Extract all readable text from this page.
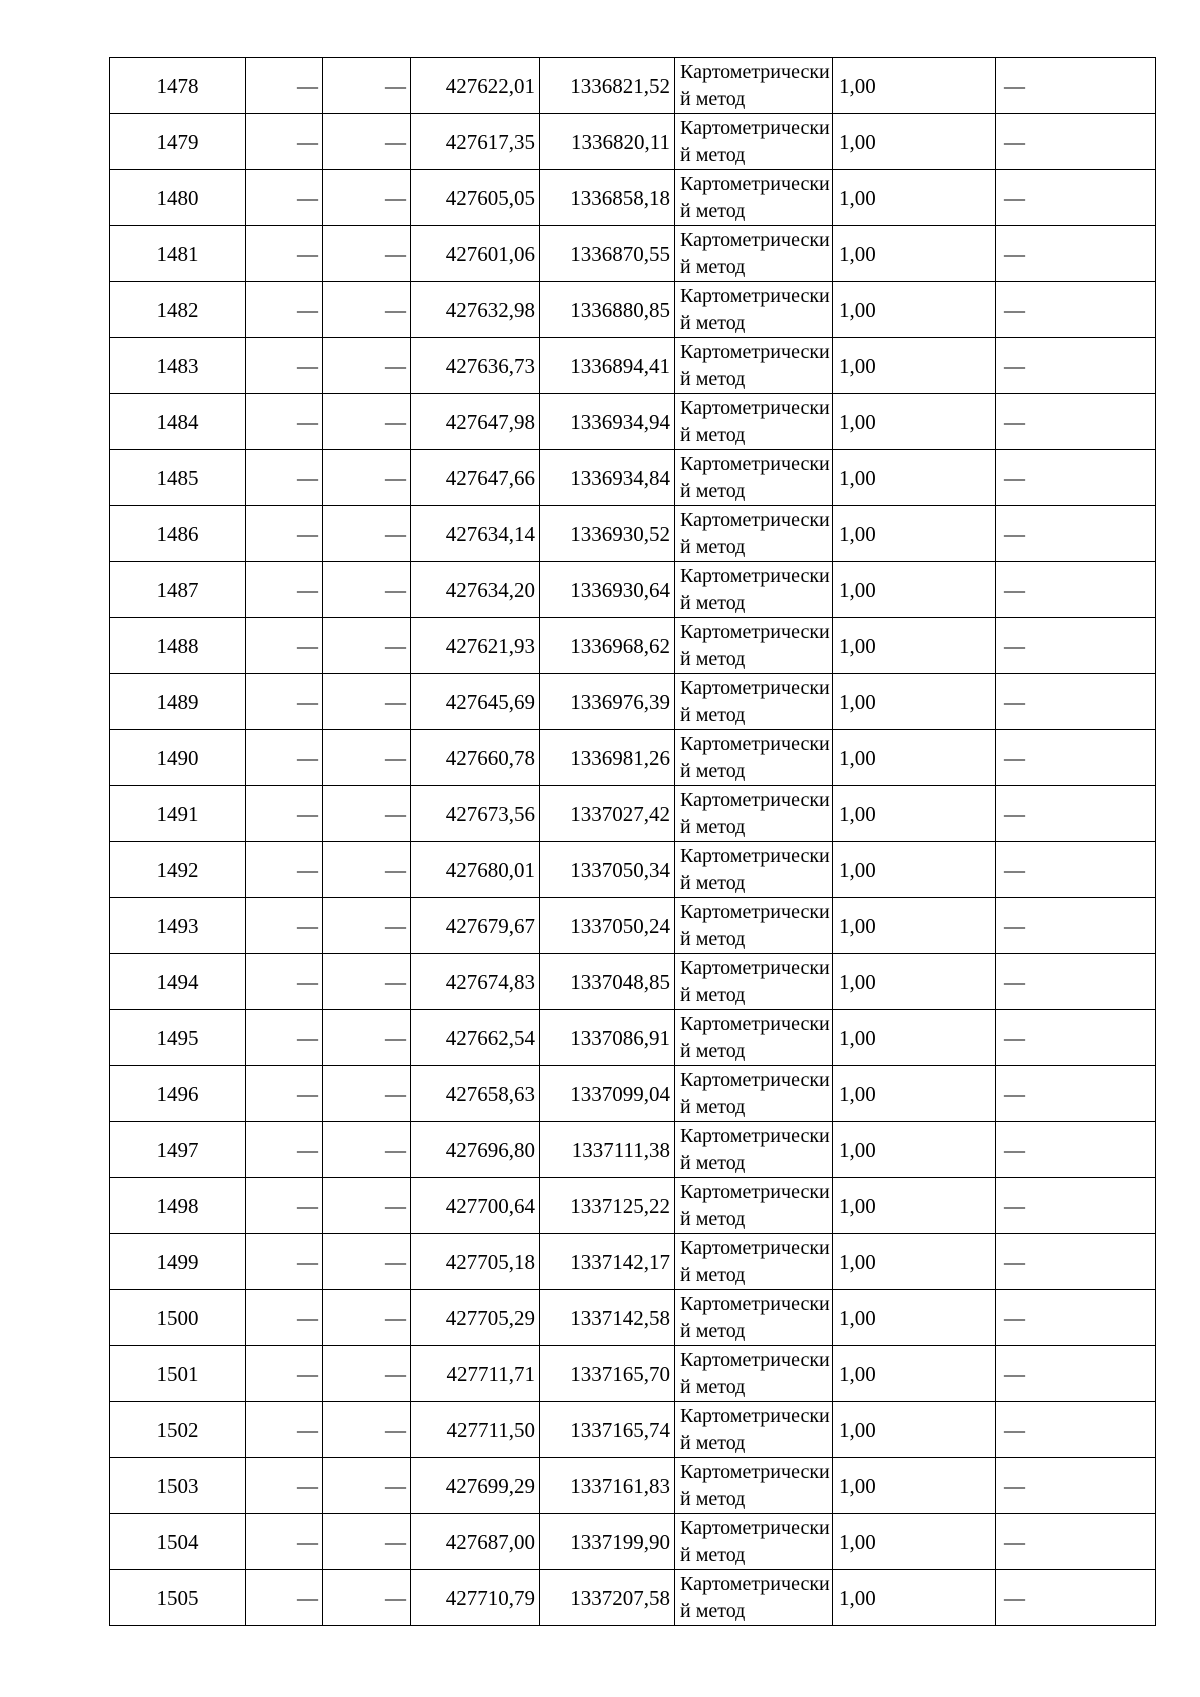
1478	—	—	427622,01	1336821,52	Картометрический метод	1,00	—
1479	—	—	427617,35	1336820,11	Картометрический метод	1,00	—
1480	—	—	427605,05	1336858,18	Картометрический метод	1,00	—
1481	—	—	427601,06	1336870,55	Картометрический метод	1,00	—
1482	—	—	427632,98	1336880,85	Картометрический метод	1,00	—
1483	—	—	427636,73	1336894,41	Картометрический метод	1,00	—
1484	—	—	427647,98	1336934,94	Картометрический метод	1,00	—
1485	—	—	427647,66	1336934,84	Картометрический метод	1,00	—
1486	—	—	427634,14	1336930,52	Картометрический метод	1,00	—
1487	—	—	427634,20	1336930,64	Картометрический метод	1,00	—
1488	—	—	427621,93	1336968,62	Картометрический метод	1,00	—
1489	—	—	427645,69	1336976,39	Картометрический метод	1,00	—
1490	—	—	427660,78	1336981,26	Картометрический метод	1,00	—
1491	—	—	427673,56	1337027,42	Картометрический метод	1,00	—
1492	—	—	427680,01	1337050,34	Картометрический метод	1,00	—
1493	—	—	427679,67	1337050,24	Картометрический метод	1,00	—
1494	—	—	427674,83	1337048,85	Картометрический метод	1,00	—
1495	—	—	427662,54	1337086,91	Картометрический метод	1,00	—
1496	—	—	427658,63	1337099,04	Картометрический метод	1,00	—
1497	—	—	427696,80	1337111,38	Картометрический метод	1,00	—
1498	—	—	427700,64	1337125,22	Картометрический метод	1,00	—
1499	—	—	427705,18	1337142,17	Картометрический метод	1,00	—
1500	—	—	427705,29	1337142,58	Картометрический метод	1,00	—
1501	—	—	427711,71	1337165,70	Картометрический метод	1,00	—
1502	—	—	427711,50	1337165,74	Картометрический метод	1,00	—
1503	—	—	427699,29	1337161,83	Картометрический метод	1,00	—
1504	—	—	427687,00	1337199,90	Картометрический метод	1,00	—
1505	—	—	427710,79	1337207,58	Картометрический метод	1,00	—
